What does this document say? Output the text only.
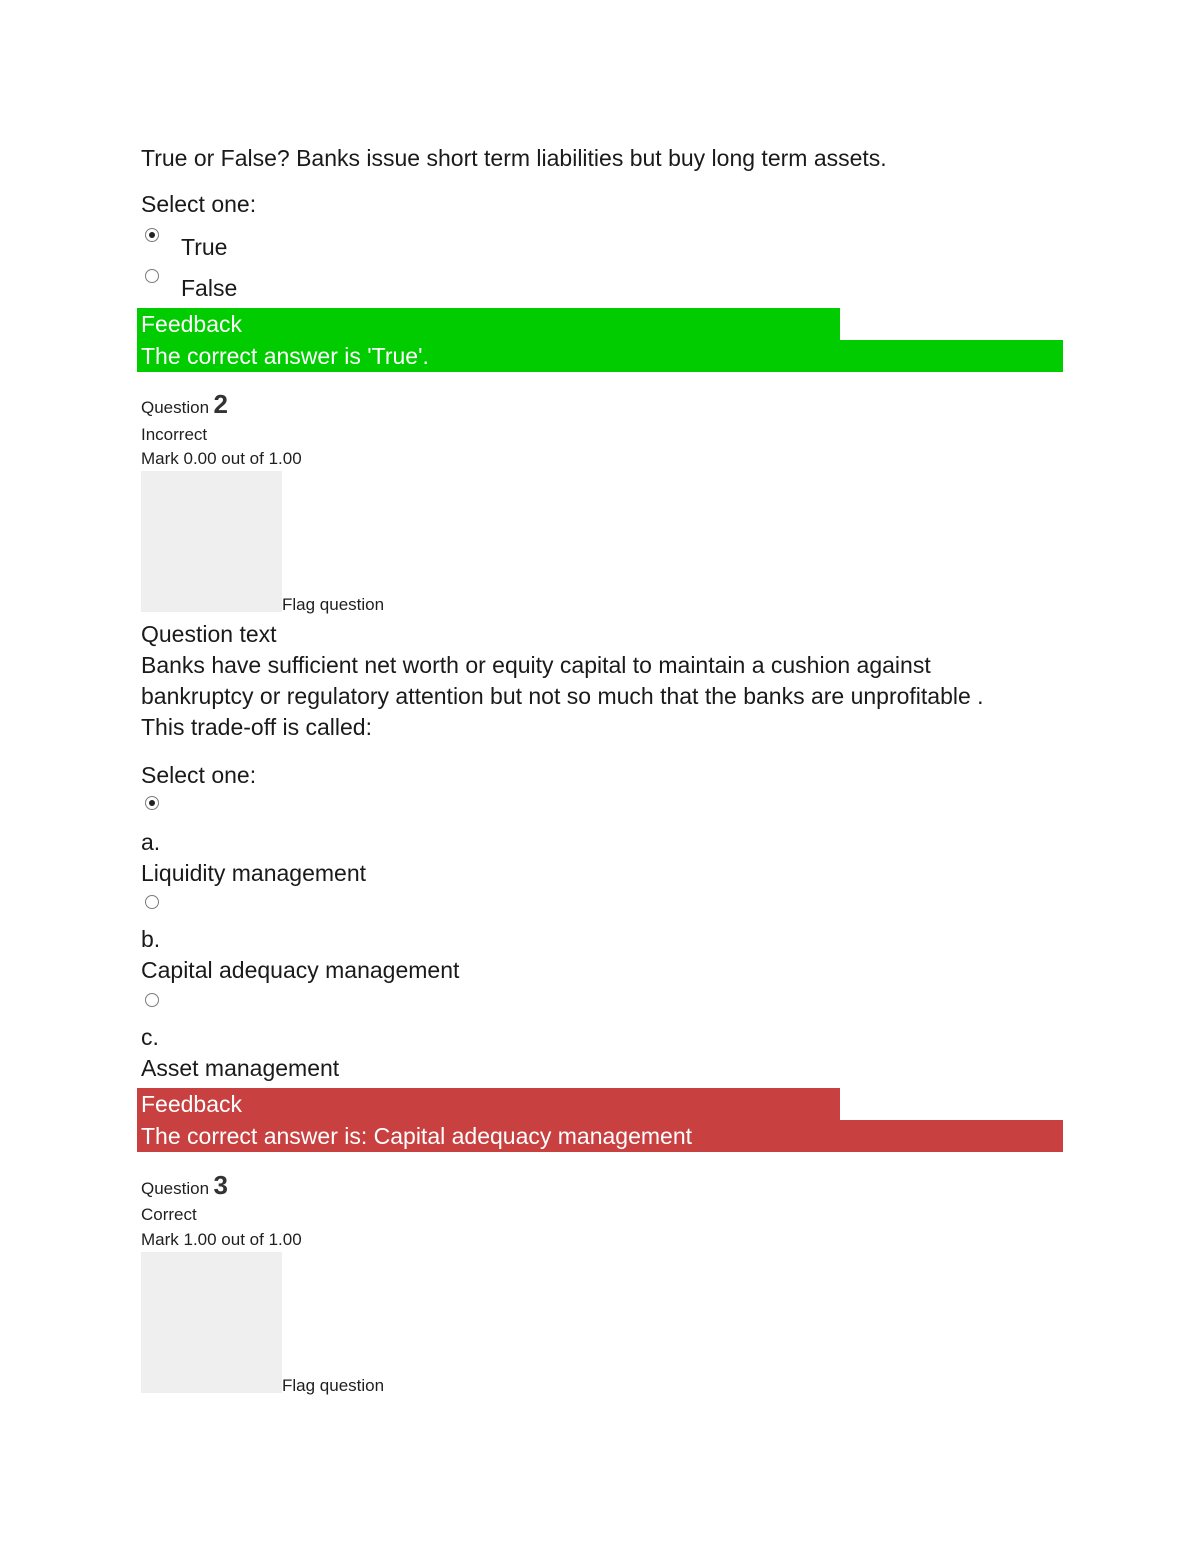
True or False? Banks issue short term liabilities but buy long term assets.
Select one:
True
False
Feedback
The correct answer is 'True'.
Question 2
Incorrect
Mark 0.00 out of 1.00
Flag question
Question text
Banks have sufficient net worth or equity capital to maintain a cushion against
bankruptcy or regulatory attention but not so much that the banks are unprofitable .
This trade-off is called:
Select one:
a.
Liquidity management
b.
Capital adequacy management
c.
Asset management
Feedback
The correct answer is: Capital adequacy management
Question 3
Correct
Mark 1.00 out of 1.00
Flag question
